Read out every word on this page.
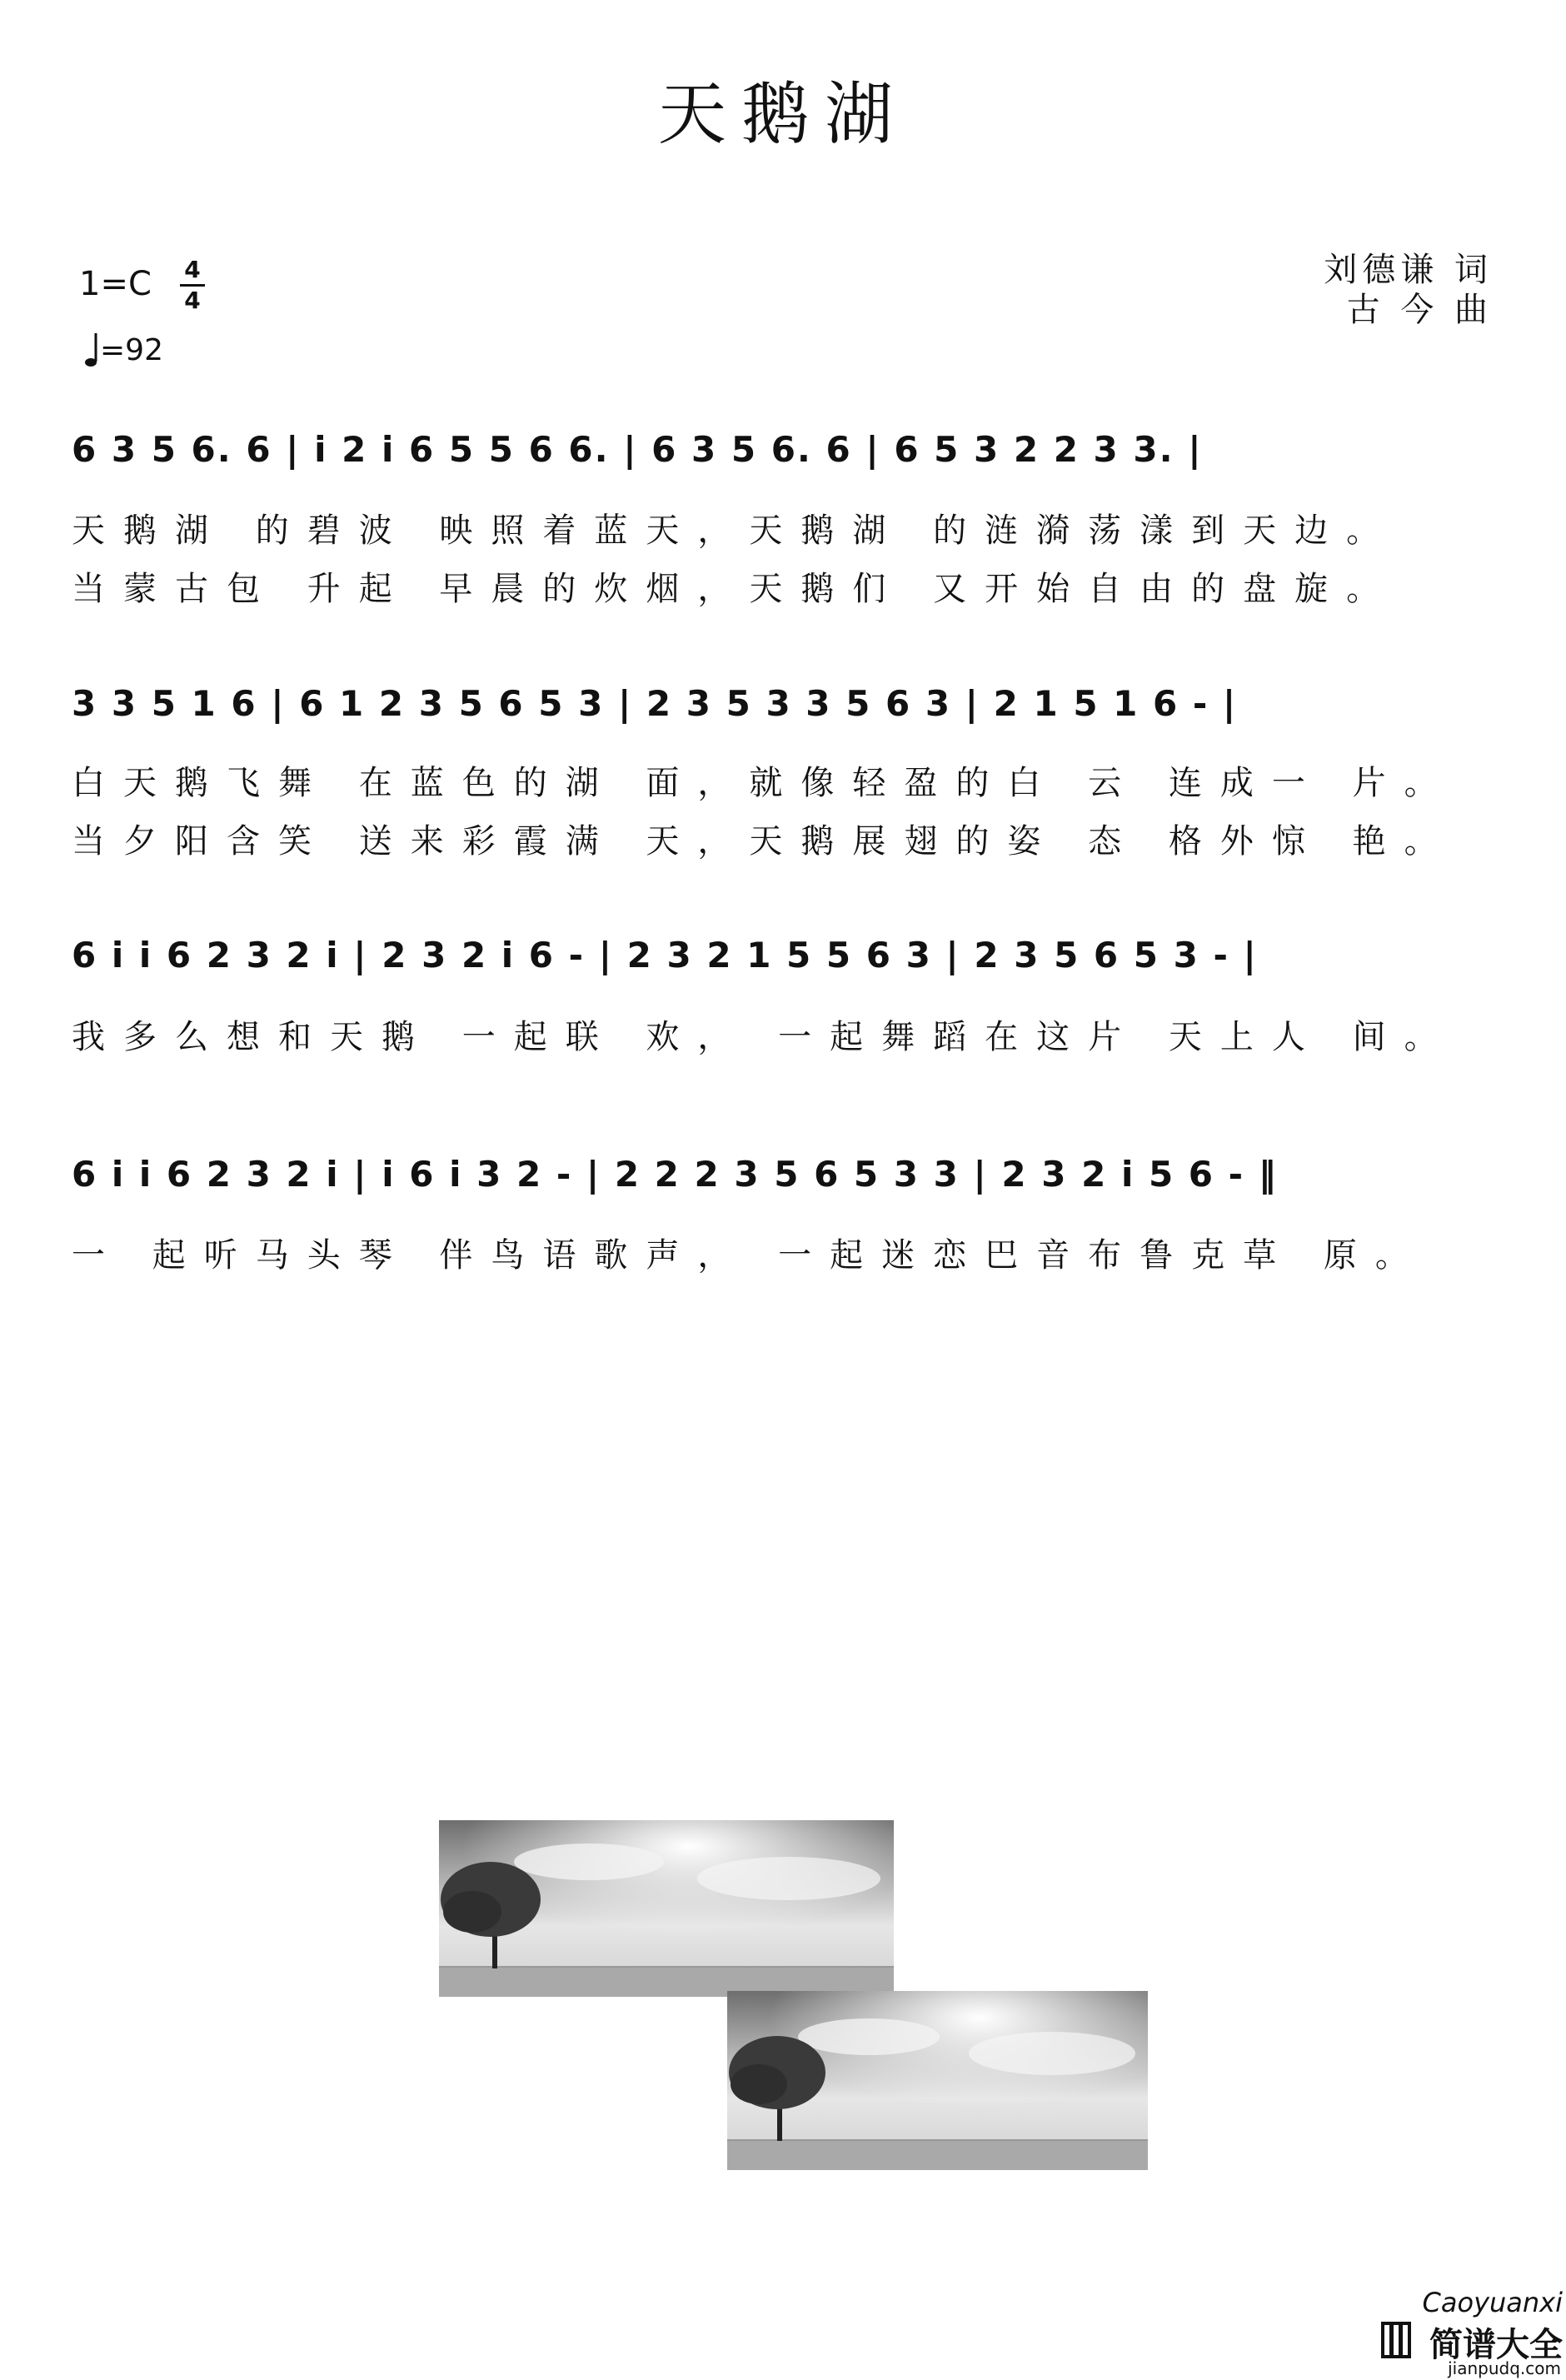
天鹅湖
1=C 4
4
=92
刘德谦 词
古 今 曲
6 3 5 6. 6 | i 2 i 6 5 5 6 6. | 6 3 5 6. 6 | 6 5 3 2 2 3 3. |
天鹅湖 的碧波 映照着蓝天，天鹅湖 的涟漪荡漾到天边。
当蒙古包 升起 早晨的炊烟，天鹅们 又开始自由的盘旋。
3 3 5 1 6 | 6 1 2 3 5 6 5 3 | 2 3 5 3 3 5 6 3 | 2 1 5 1 6 - |
白天鹅飞舞 在蓝色的湖 面，就像轻盈的白 云 连成一 片。
当夕阳含笑 送来彩霞满 天，天鹅展翅的姿 态 格外惊 艳。
6 i i 6 2 3 2 i | 2 3 2 i 6 - | 2 3 2 1 5 5 6 3 | 2 3 5 6 5 3 - |
我多么想和天鹅 一起联 欢， 一起舞蹈在这片 天上人 间。
6 i i 6 2 3 2 i | i 6 i 3 2 - | 2 2 2 3 5 6 5 3 3 | 2 3 2 i 5 6 - ‖
一 起听马头琴 伴鸟语歌声， 一起迷恋巴音布鲁克草 原。
Caoyuanxi
简谱大全
jianpudq.com
